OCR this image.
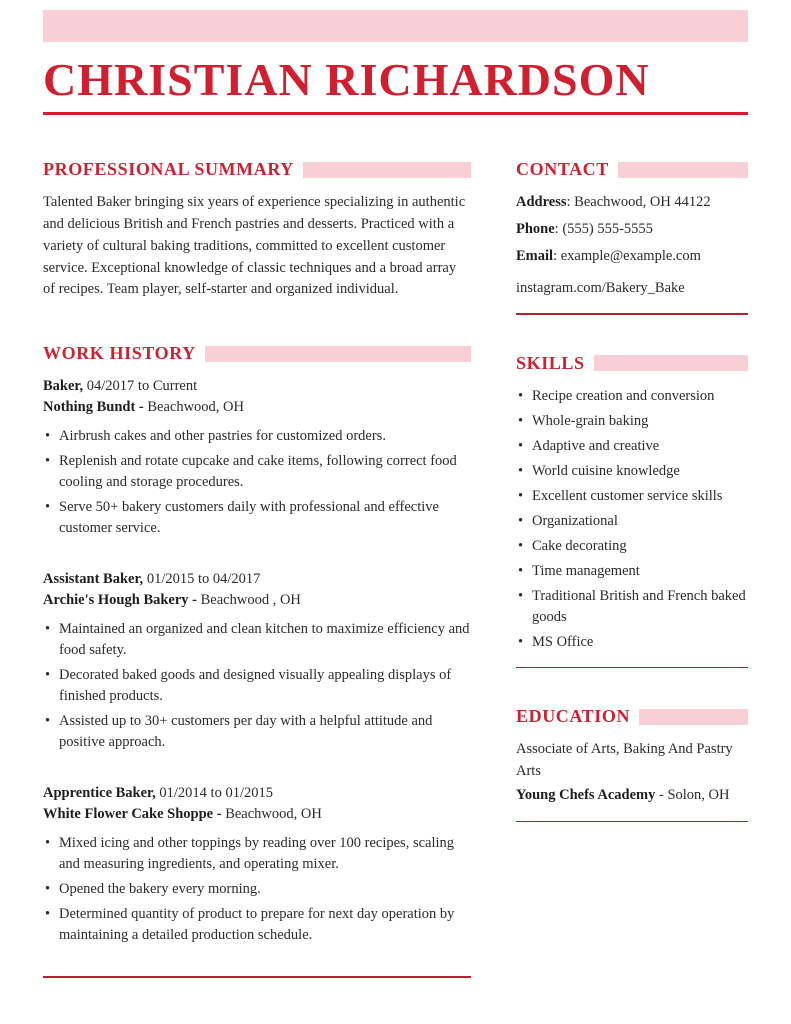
CHRISTIAN RICHARDSON
PROFESSIONAL SUMMARY

Talented Baker bringing six years of experience specializing in authentic and delicious British and French pastries and desserts. Practiced with a variety of cultural baking traditions, committed to excellent customer service. Exceptional knowledge of classic techniques and a broad array of recipes. Team player, self-starter and organized individual.

WORK HISTORY

Baker, 04/2017 to Current

Nothing Bundt - Beachwood, OH

• Airbrush cakes and other pastries for customized orders.
• Replenish and rotate cupcake and cake items, following correct food cooling and storage procedures.
• Serve 50+ bakery customers daily with professional and effective customer service.

Assistant Baker, 01/2015 to 04/2017

Archie's Hough Bakery - Beachwood , OH

• Maintained an organized and clean kitchen to maximize efficiency and food safety.
• Decorated baked goods and designed visually appealing displays of finished products.
• Assisted up to 30+ customers per day with a helpful attitude and positive approach.

Apprentice Baker, 01/2014 to 01/2015

White Flower Cake Shoppe - Beachwood, OH

• Mixed icing and other toppings by reading over 100 recipes, scaling and measuring ingredients, and operating mixer.
• Opened the bakery every morning.
• Determined quantity of product to prepare for next day operation by maintaining a detailed production schedule.
CONTACT

Address: Beachwood, OH 44122

Phone: (555) 555-5555

Email: example@example.com

instagram.com/Bakery_Bake

SKILLS
• Recipe creation and conversion
• Whole-grain baking
• Adaptive and creative
• World cuisine knowledge
• Excellent customer service skills
• Organizational
• Cake decorating
• Time management
• Traditional British and French baked goods
• MS Office
EDUCATION

Associate of Arts, Baking And Pastry Arts

Young Chefs Academy - Solon, OH
